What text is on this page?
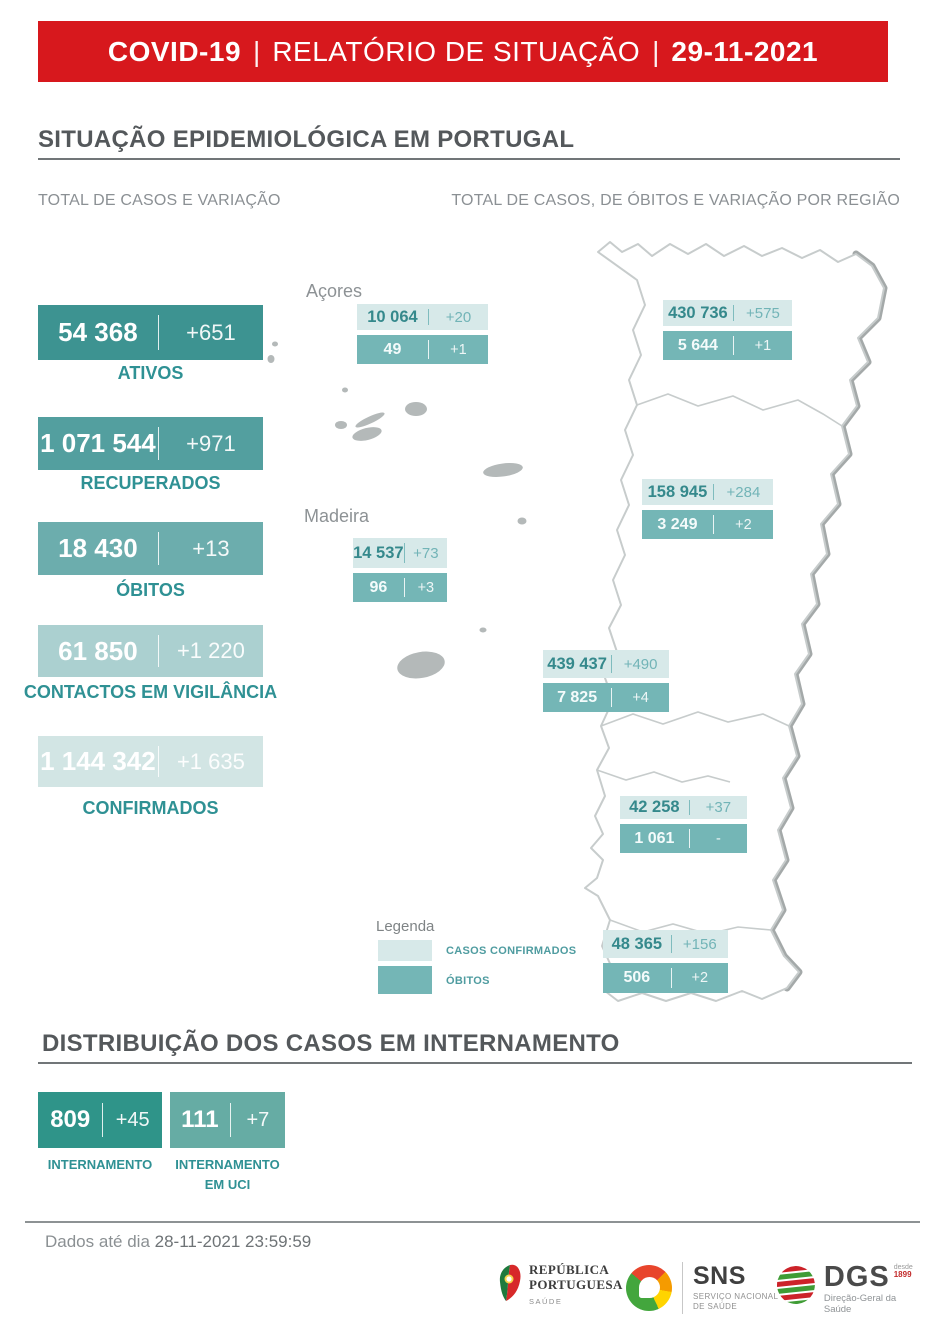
COVID-19 | RELATÓRIO DE SITUAÇÃO | 29-11-2021
SITUAÇÃO EPIDEMIOLÓGICA EM PORTUGAL
TOTAL DE CASOS E VARIAÇÃO	TOTAL DE CASOS, DE ÓBITOS E VARIAÇÃO POR REGIÃO
54 368	+651
ATIVOS
1 071 544	+971
RECUPERADOS
18 430	+13
ÓBITOS
61 850	+1 220
CONTACTOS EM VIGILÂNCIA
1 144 342 +1 635
CONFIRMADOS
Açores
Madeira
10 064	+20
49	+1
430 736	+575
5 644	+1
158 945	+284
3 249	+2
14 537 +73
96	+3
439 437	+490
7 825	+4
42 258	+37
1 061	-
48 365	+156
506	+2
Legenda
CASOS CONFIRMADOS
ÓBITOS
DISTRIBUIÇÃO DOS CASOS EM INTERNAMENTO
809	+45
INTERNAMENTO
111	+7
INTERNAMENTO
EM UCI
Dados até dia 28-11-2021 23:59:59
REPÚBLICA
PORTUGUESA
SAÚDE
SNS
SERVIÇO NACIONAL
DE SAÚDE
DGS desde
1899
Direção-Geral da Saúde
